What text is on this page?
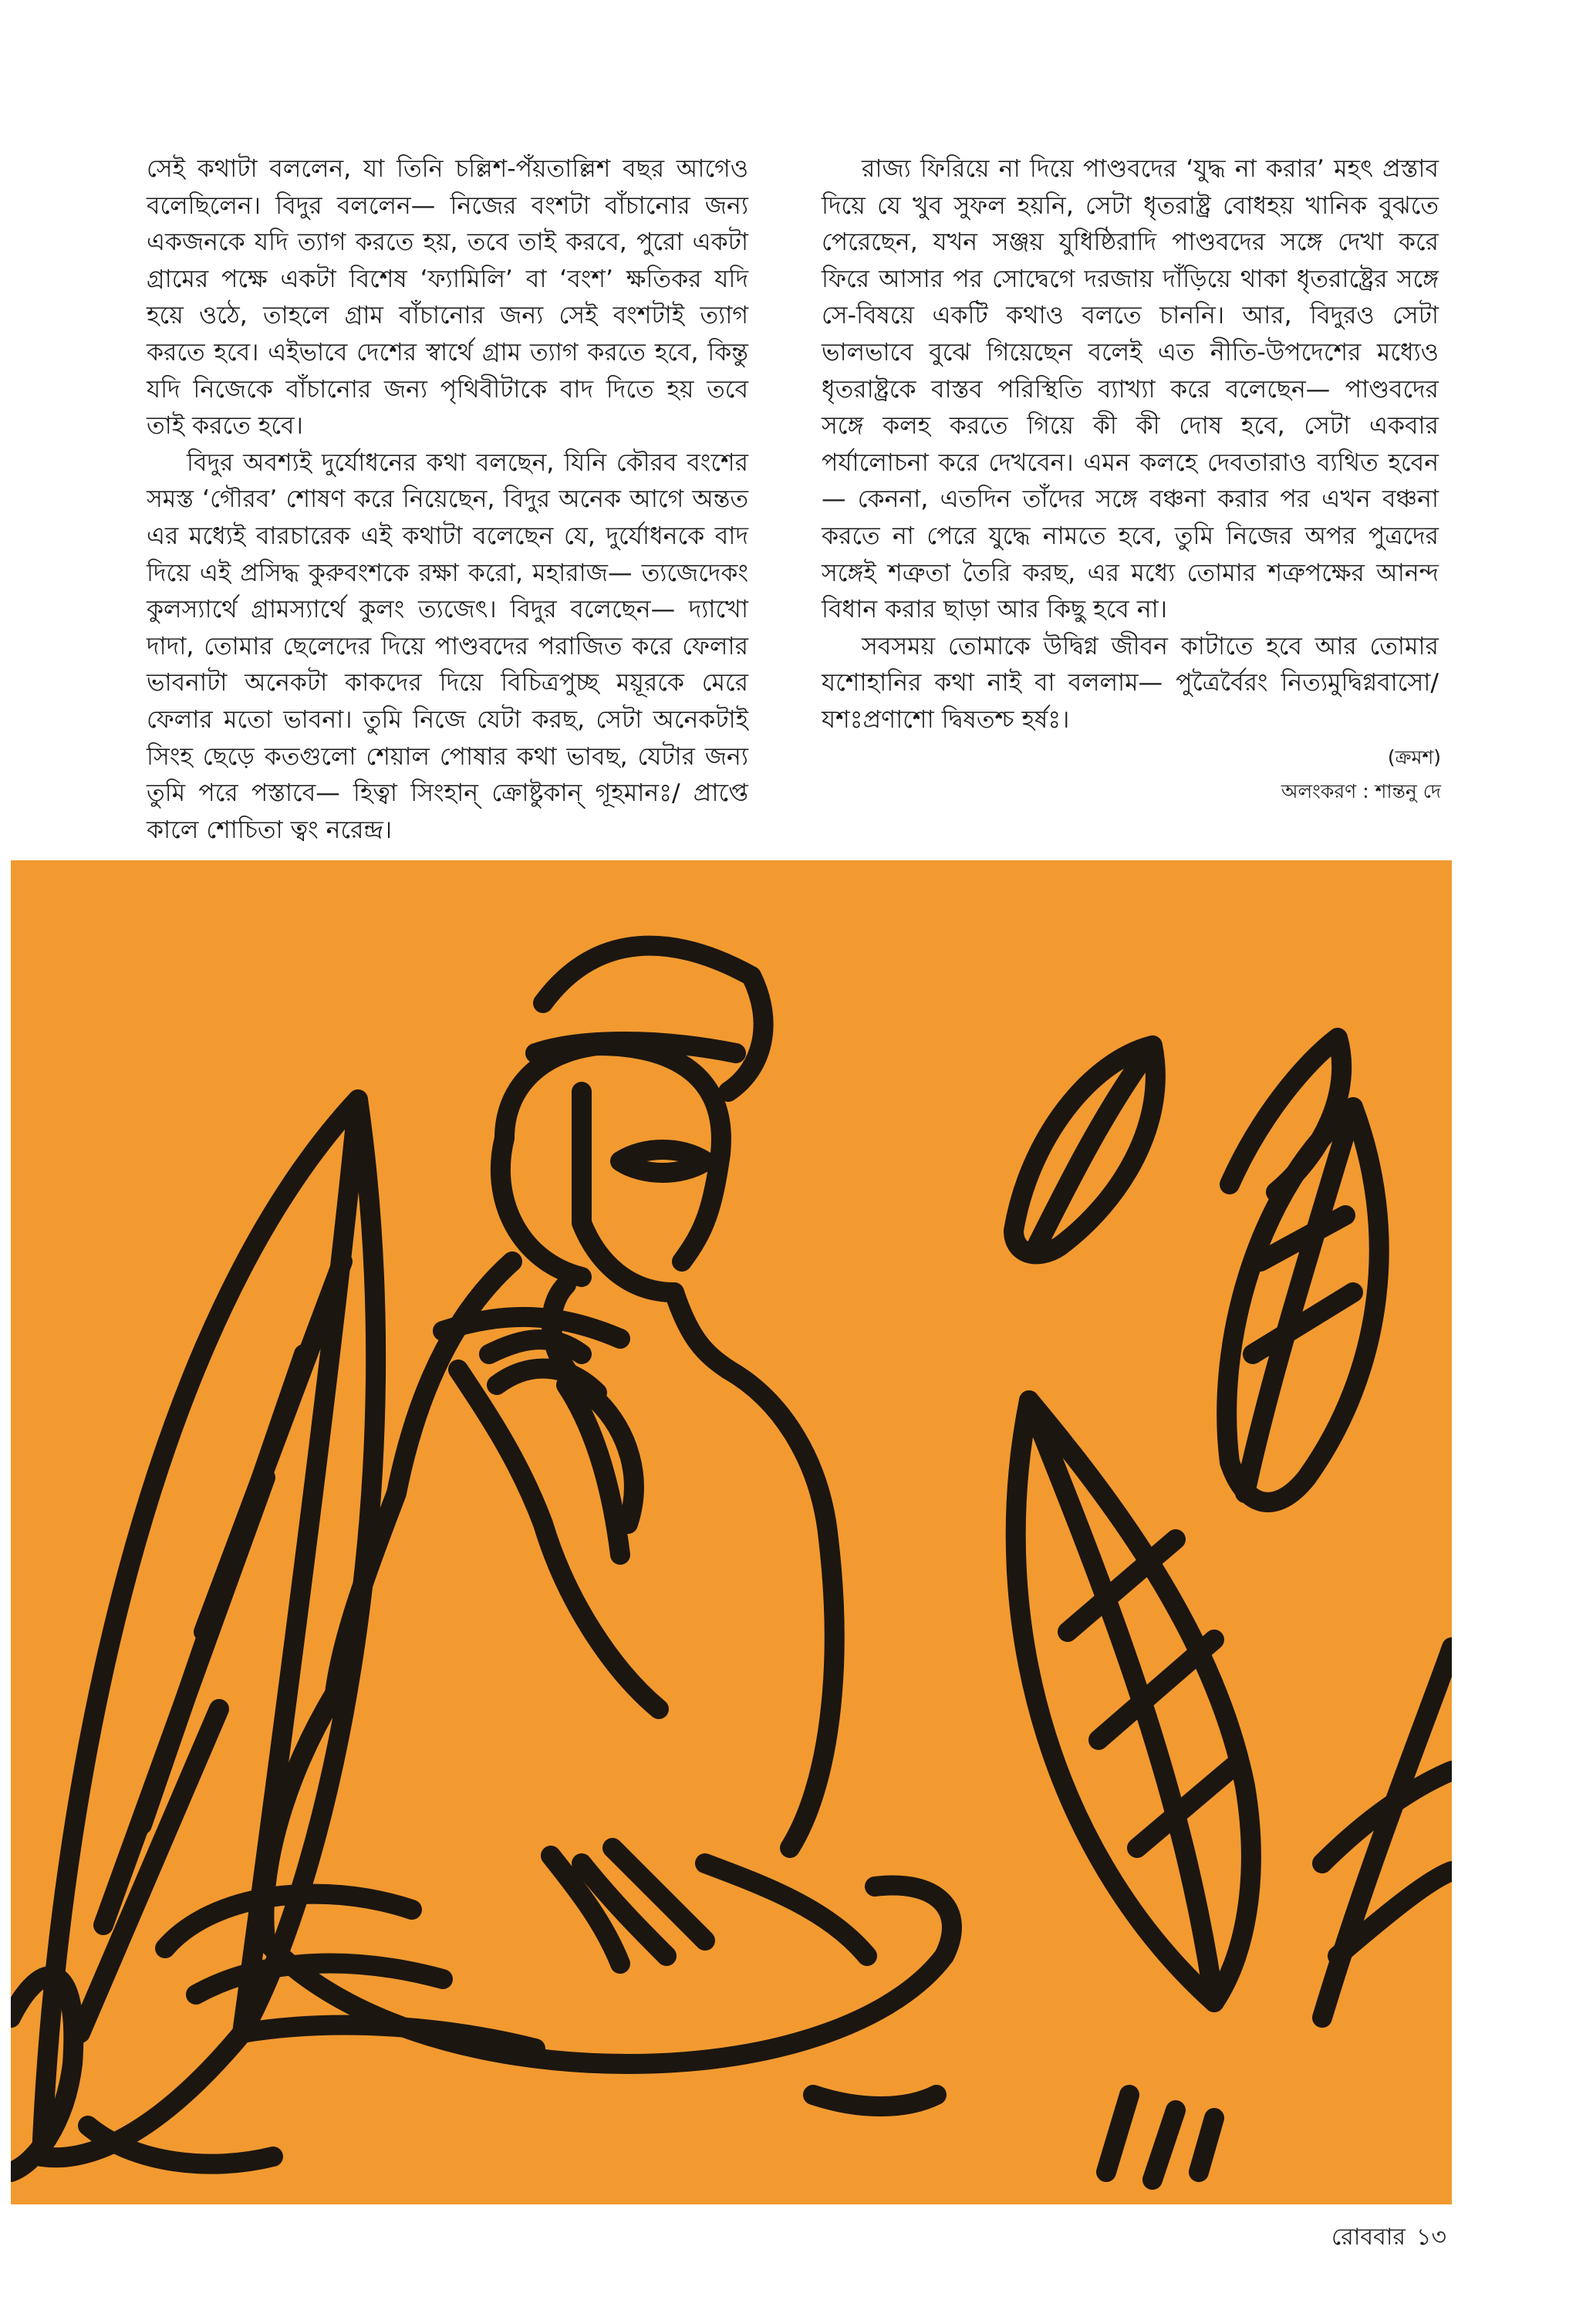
সেই কথাটা বললেন, যা তিনি চল্লিশ-পঁয়তাল্লিশ বছর আগেও বলেছিলেন। বিদুর বললেন— নিজের বংশটা বাঁচানোর জন্য একজনকে যদি ত্যাগ করতে হয়, তবে তাই করবে, পুরো একটা গ্রামের পক্ষে একটা বিশেষ ‘ফ্যামিলি’ বা ‘বংশ’ ক্ষতিকর যদি হয়ে ওঠে, তাহলে গ্রাম বাঁচানোর জন্য সেই বংশটাই ত্যাগ করতে হবে। এইভাবে দেশের স্বার্থে গ্রাম ত্যাগ করতে হবে, কিন্তু যদি নিজেকে বাঁচানোর জন্য পৃথিবীটাকে বাদ দিতে হয় তবে তাই করতে হবে।

বিদুর অবশ্যই দুর্যোধনের কথা বলছেন, যিনি কৌরব বংশের সমস্ত ‘গৌরব’ শোষণ করে নিয়েছেন, বিদুর অনেক আগে অন্তত এর মধ্যেই বারচারেক এই কথাটা বলেছেন যে, দুর্যোধনকে বাদ দিয়ে এই প্রসিদ্ধ কুরুবংশকে রক্ষা করো, মহারাজ— ত্যজেদেকং কুলস্যার্থে গ্রামস্যার্থে কুলং ত্যজেৎ। বিদুর বলেছেন— দ্যাখো দাদা, তোমার ছেলেদের দিয়ে পাণ্ডবদের পরাজিত করে ফেলার ভাবনাটা অনেকটা কাকদের দিয়ে বিচিত্রপুচ্ছ ময়ূরকে মেরে ফেলার মতো ভাবনা। তুমি নিজে যেটা করছ, সেটা অনেকটাই সিংহ ছেড়ে কতগুলো শেয়াল পোষার কথা ভাবছ, যেটার জন্য তুমি পরে পস্তাবে— হিত্বা সিংহান্ ক্রোষ্টুকান্ গূহমানঃ/ প্রাপ্তে কালে শোচিতা ত্বং নরেন্দ্র।

রাজ্য ফিরিয়ে না দিয়ে পাণ্ডবদের ‘যুদ্ধ না করার’ মহৎ প্রস্তাব দিয়ে যে খুব সুফল হয়নি, সেটা ধৃতরাষ্ট্র বোধহয় খানিক বুঝতে পেরেছেন, যখন সঞ্জয় যুধিষ্ঠিরাদি পাণ্ডবদের সঙ্গে দেখা করে ফিরে আসার পর সোদ্বেগে দরজায় দাঁড়িয়ে থাকা ধৃতরাষ্ট্রের সঙ্গে সে-বিষয়ে একটি কথাও বলতে চাননি। আর, বিদুরও সেটা ভালভাবে বুঝে গিয়েছেন বলেই এত নীতি-উপদেশের মধ্যেও ধৃতরাষ্ট্রকে বাস্তব পরিস্থিতি ব্যাখ্যা করে বলেছেন— পাণ্ডবদের সঙ্গে কলহ করতে গিয়ে কী কী দোষ হবে, সেটা একবার পর্যালোচনা করে দেখবেন। এমন কলহে দেবতারাও ব্যথিত হবেন— কেননা, এতদিন তাঁদের সঙ্গে বঞ্চনা করার পর এখন বঞ্চনা করতে না পেরে যুদ্ধে নামতে হবে, তুমি নিজের অপর পুত্রদের সঙ্গেই শত্রুতা তৈরি করছ, এর মধ্যে তোমার শত্রুপক্ষের আনন্দ বিধান করার ছাড়া আর কিছু হবে না।

সবসময় তোমাকে উদ্বিগ্ন জীবন কাটাতে হবে আর তোমার যশোহানির কথা নাই বা বললাম— পুত্রৈর্বৈরং নিত্যমুদ্বিগ্নবাসো/ যশঃপ্রণাশো দ্বিষতশ্চ হর্ষঃ।

(ক্রমশ)
অলংকরণ : শান্তনু দে
রোববার ১৩
